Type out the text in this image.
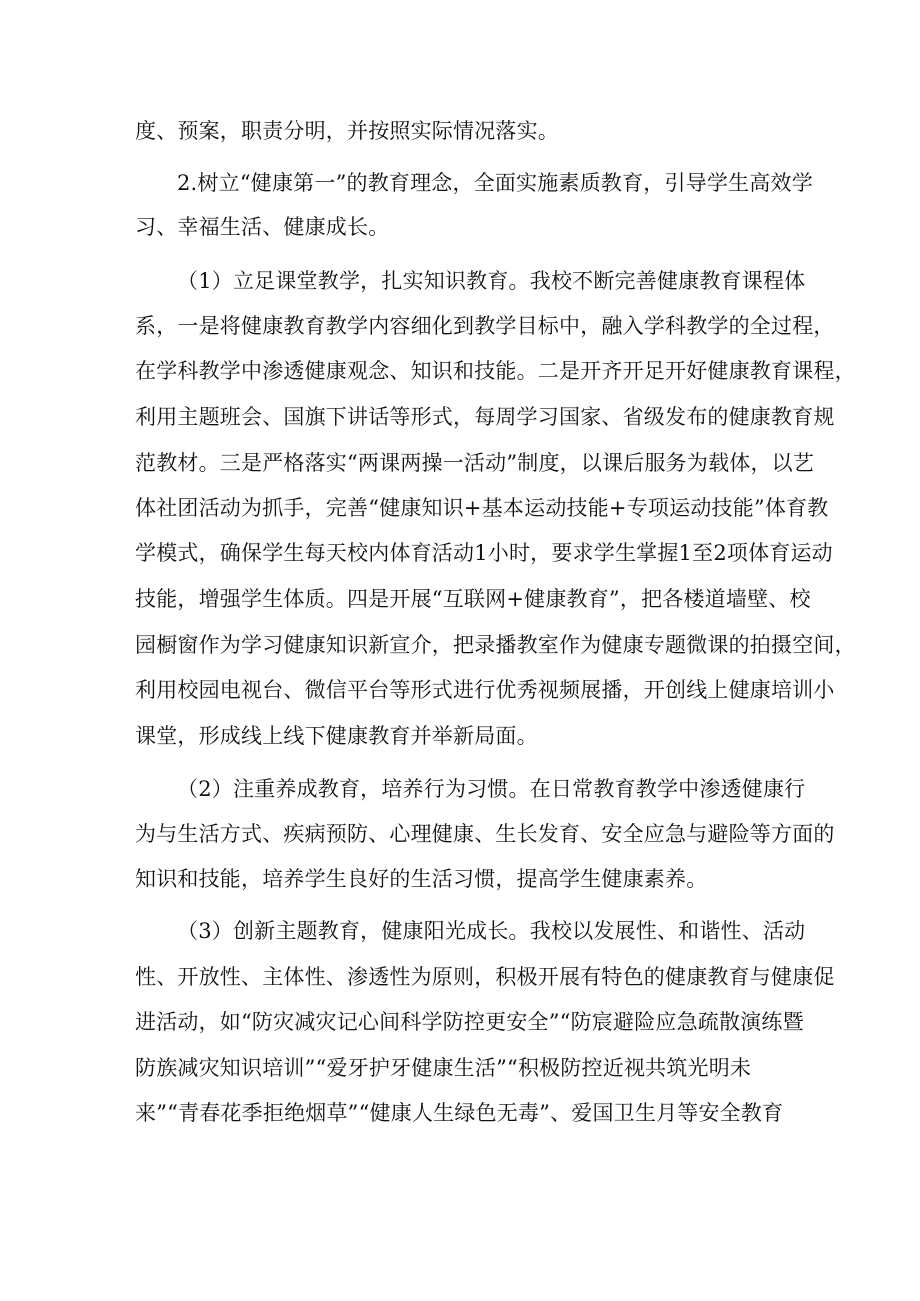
度、预案，职责分明，并按照实际情况落实。
2.树立“健康第一”的教育理念，全面实施素质教育，引导学生高效学
习、幸福生活、健康成长。
（1）立足课堂教学，扎实知识教育。我校不断完善健康教育课程体
系，一是将健康教育教学内容细化到教学目标中，融入学科教学的全过程，
在学科教学中渗透健康观念、知识和技能。二是开齐开足开好健康教育课程，
利用主题班会、国旗下讲话等形式，每周学习国家、省级发布的健康教育规
范教材。三是严格落实“两课两操一活动”制度，以课后服务为载体，以艺
体社团活动为抓手，完善“健康知识+基本运动技能+专项运动技能”体育教
学模式，确保学生每天校内体育活动1小时，要求学生掌握1至2项体育运动
技能，增强学生体质。四是开展“互联网+健康教育”，把各楼道墙壁、校
园橱窗作为学习健康知识新宣介，把录播教室作为健康专题微课的拍摄空间，
利用校园电视台、微信平台等形式进行优秀视频展播，开创线上健康培训小
课堂，形成线上线下健康教育并举新局面。
（2）注重养成教育，培养行为习惯。在日常教育教学中渗透健康行
为与生活方式、疾病预防、心理健康、生长发育、安全应急与避险等方面的
知识和技能，培养学生良好的生活习惯，提高学生健康素养。
（3）创新主题教育，健康阳光成长。我校以发展性、和谐性、活动
性、开放性、主体性、渗透性为原则，积极开展有特色的健康教育与健康促
进活动，如“防灾减灾记心间科学防控更安全”“防宸避险应急疏散演练暨
防族减灾知识培训”“爱牙护牙健康生活”“积极防控近视共筑光明未
来”“青春花季拒绝烟草”“健康人生绿色无毒”、爱国卫生月等安全教育
